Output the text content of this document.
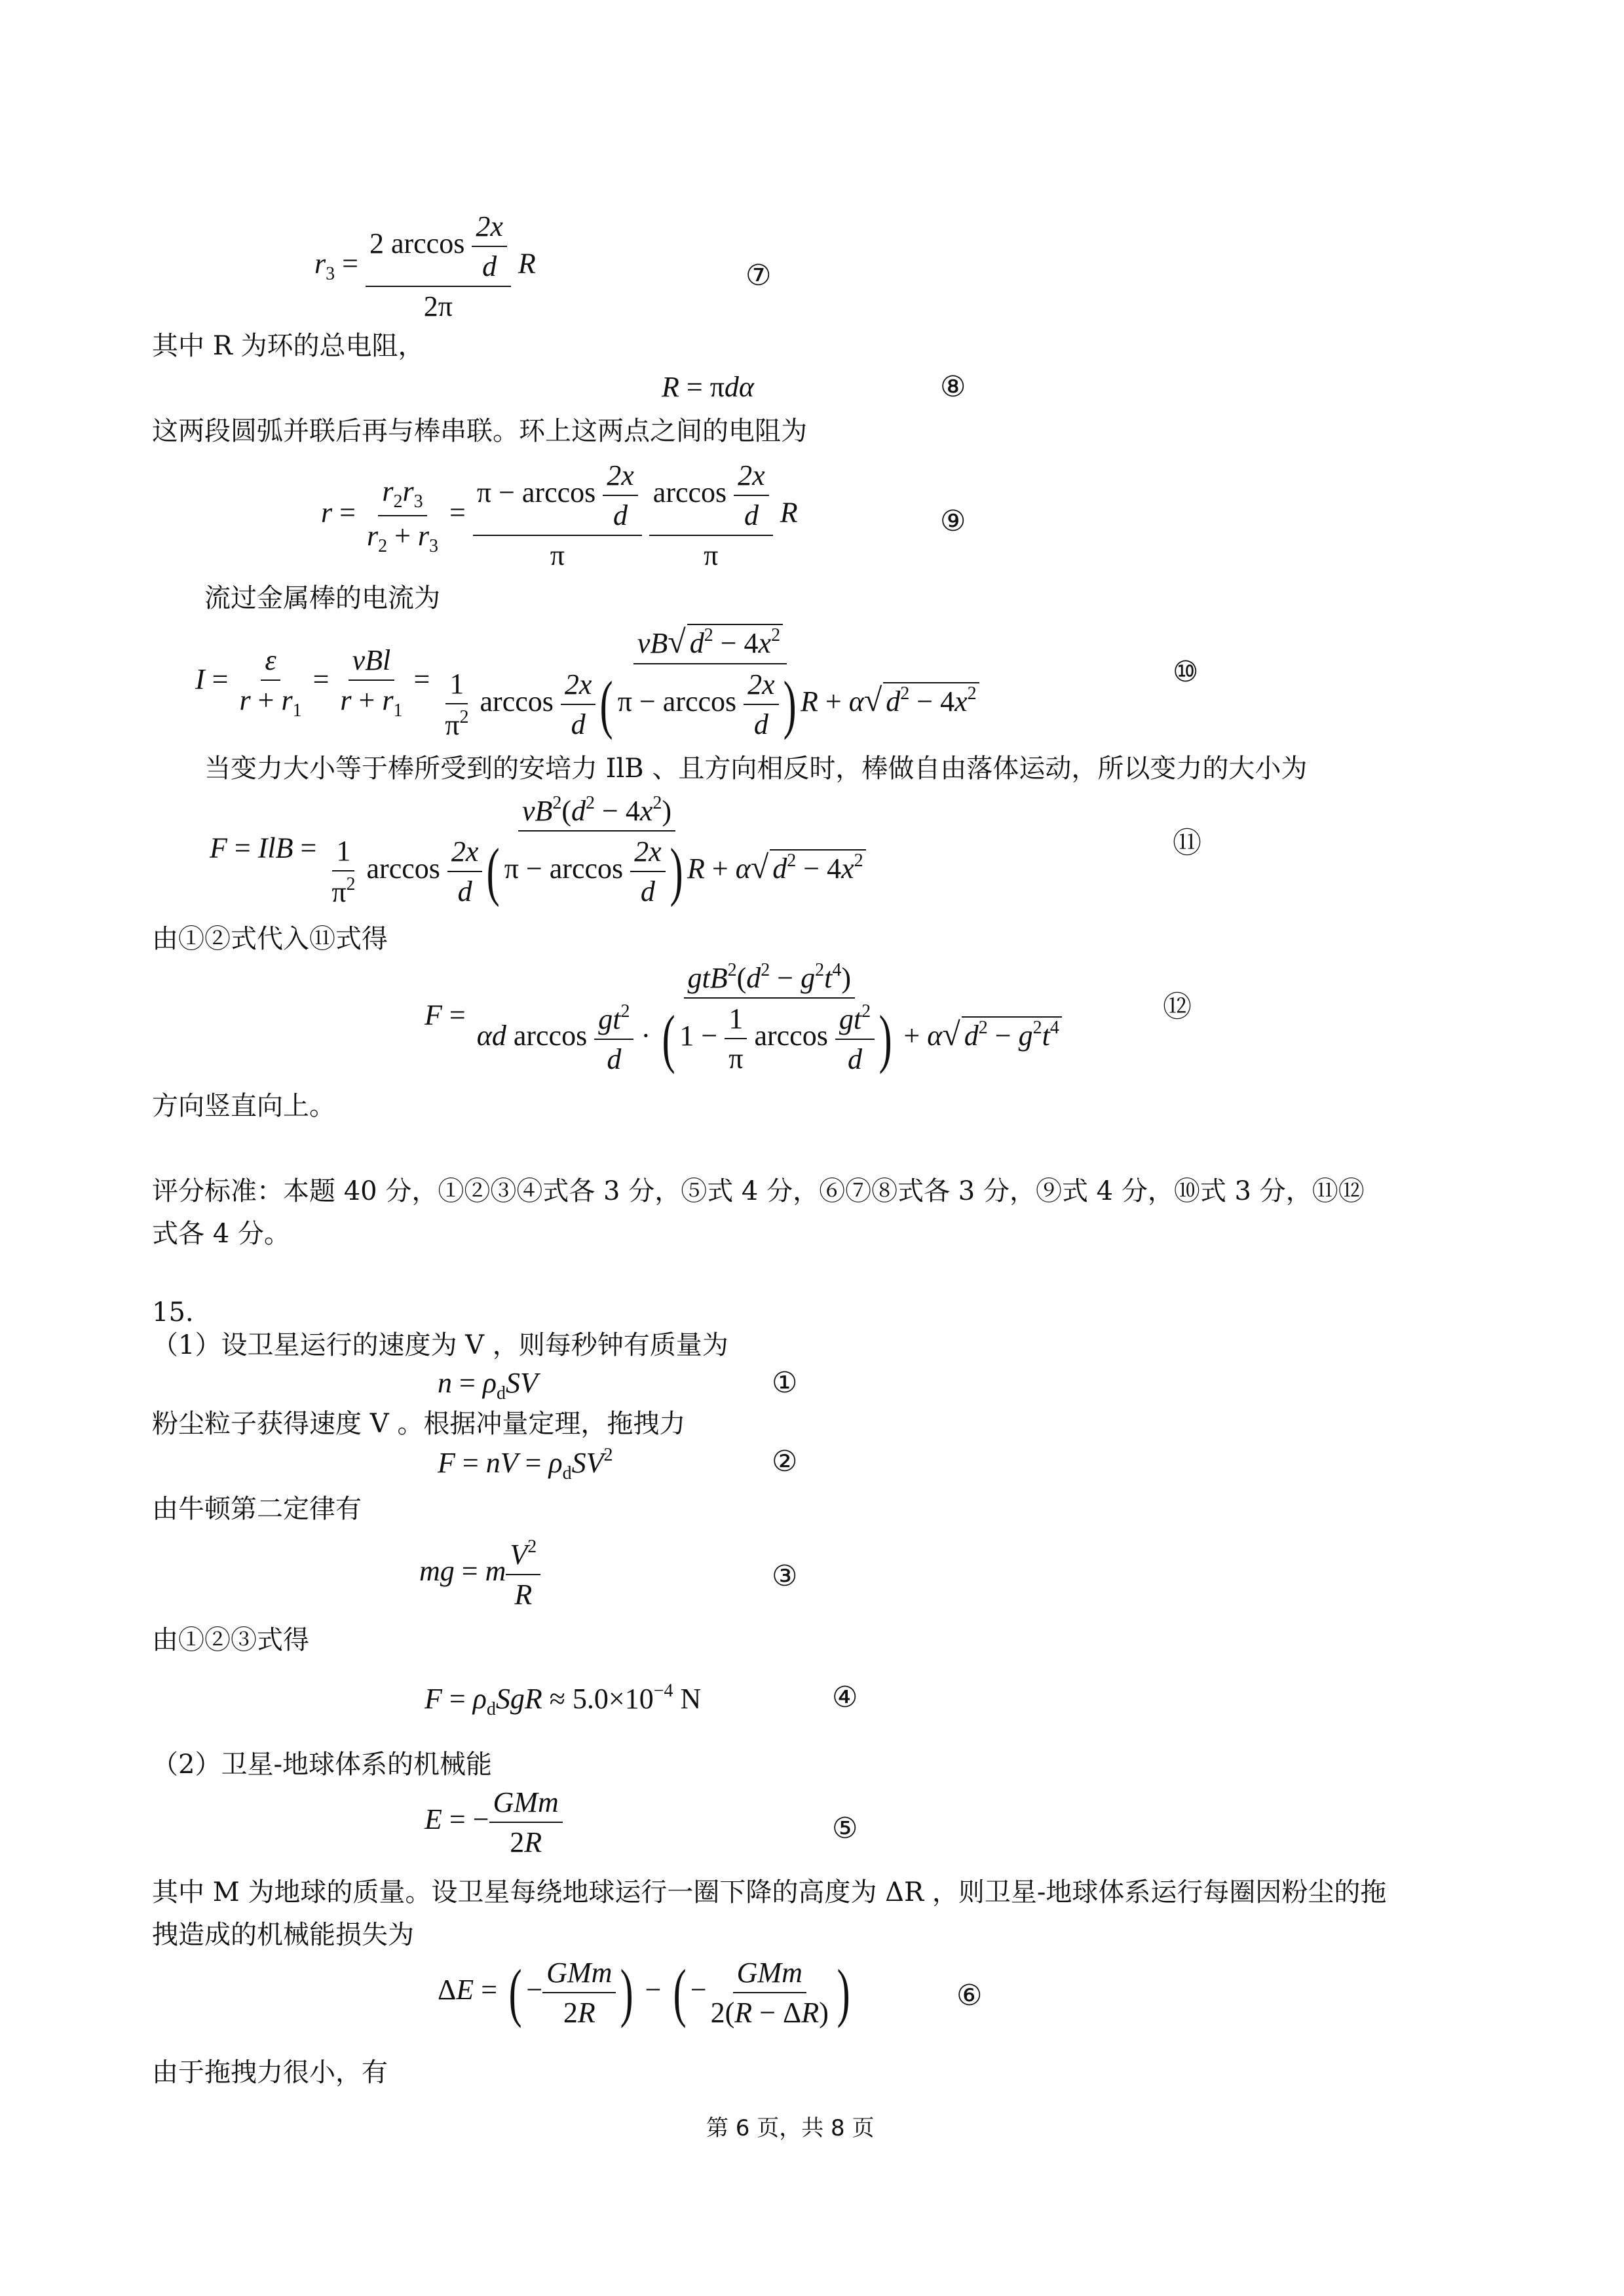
$r_3 = \frac{2 \arccos \frac{2x}{d}}{2\pi}$ R	⑦
其中 R 为环的总电阻，
R = πdα	⑧
这两段圆弧并联后再与棒串联。环上这两点之间的电阻为
$r = \frac{r_2r_3}{r_2 + r_3} = \frac{\pi - \arccos \frac{2x}{d}}{\pi}$
$\frac{\arccos \frac{2x}{d}}{\pi}$ R	⑨
流过金属棒的电流为
$I = \frac{\varepsilon}{r + r_1} = \frac{\text{vBl}}{r + r_1} = \frac{vB√ d^2 - 4x^2}{\frac{1}{\pi^2} \arccos \frac{2x}{d} ( \pi - \arccos \frac{2x}{d} ) R + \alpha√ d^2 - 4x^2}$	⑩
当变力大小等于棒所受到的安培力 IlB 、且方向相反时，棒做自由落体运动，所以变力的大小为
F = IlB = $\frac{vB^2(d^2 - 4x^2)}{\frac{1}{\pi^2} \arccos \frac{2x}{d} ( \pi - \arccos \frac{2x}{d} ) R + \alpha√ d^2 - 4x^2}$	⑪
由①②式代入⑪式得
$F = \frac{gtB^2(d^2 - g^2t^4)}{\alpha d \arccos \frac{gt^2}{d} \cdot ( 1 - \frac{1}{\pi} \arccos \frac{gt^2}{d} ) + \alpha√ d^2 - g^2t^4}$	⑫
方向竖直向上。
评分标准：本题 40 分，①②③④式各 3 分，⑤式 4 分，⑥⑦⑧式各 3 分，⑨式 4 分，⑩式 3 分，⑪⑫
式各 4 分。
15.
（1）设卫星运行的速度为 V ，则每秒钟有质量为
$n = \rho_dSV$	①
粉尘粒子获得速度 V 。根据冲量定理，拖拽力
F = nV = $\rho_dSV^2$	②
由牛顿第二定律有
mg = m $\frac{V^2}{R}$	③
由①②③式得
$F = \rho_dSgR \approx 5.0\times 10^{-4}$ N	④
（2）卫星-地球体系的机械能
E = − $\frac{\text{GMm}}{2R}$	⑤
其中 M 为地球的质量。设卫星每绕地球运行一圈下降的高度为 ΔR ，则卫星-地球体系运行每圈因粉尘的拖
拽造成的机械能损失为
ΔE = ( − $\frac{\text{GMm}}{2R}$ ) − ( − $\frac{\text{GMm}}{2(R - \Delta R)}$ )	⑥
由于拖拽力很小，有
第 6 页，共 8 页
